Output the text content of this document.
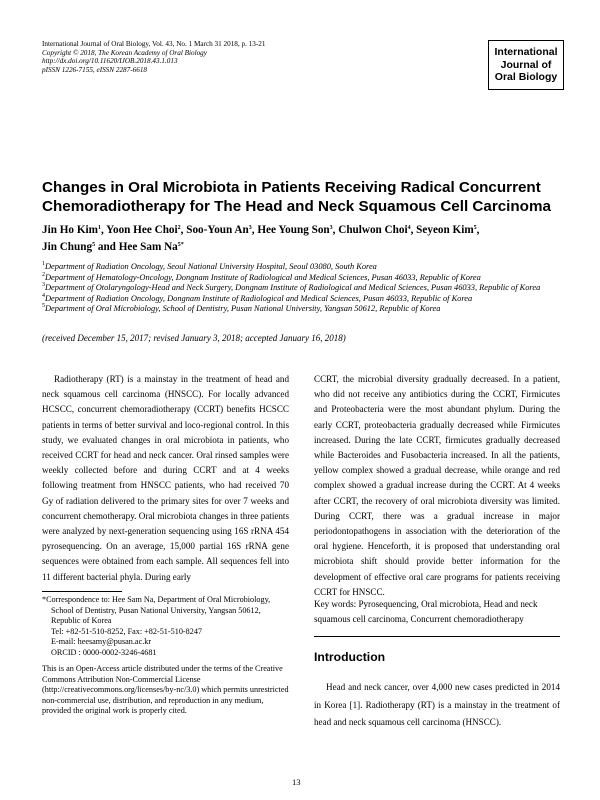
International Journal of Oral Biology, Vol. 43, No. 1 March 31 2018, p. 13-21
Copyright © 2018, The Korean Academy of Oral Biology
http://dx.doi.org/10.11620/IJOB.2018.43.1.013
pISSN 1226-7155, eISSN 2287-6618
International
Journal of
Oral Biology
Changes in Oral Microbiota in Patients Receiving Radical Concurrent Chemoradiotherapy for The Head and Neck Squamous Cell Carcinoma
Jin Ho Kim$^1$, Yoon Hee Choi$^2$, Soo-Youn An$^3$, Hee Young Son$^3$, Chulwon Choi$^4$, Seyeon Kim$^5$,
Jin Chung$^5$ and Hee Sam $Na^{5*}$

$^1$Department of Radiation Oncology, Seoul National University Hospital, Seoul 03080, South Korea

$^2$Department of Hematology-Oncology, Dongnam Institute of Radiological and Medical Sciences, Pusan 46033, Republic of Korea

$^3$Department of Otolaryngology-Head and Neck Surgery, Dongnam Institute of Radiological and Medical Sciences, Pusan 46033, Republic of Korea

$^4$Department of Radiation Oncology, Dongnam Institute of Radiological and Medical Sciences, Pusan 46033, Republic of Korea

$^5$Department of Oral Microbiology, School of Dentistry, Pusan National University, Yangsan 50612, Republic of Korea

(received December 15, 2017; revised January 3, 2018; accepted January 16, 2018)

Radiotherapy (RT) is a mainstay in the treatment of head and neck squamous cell carcinoma (HNSCC). For locally advanced HCSCC, concurrent chemoradiotherapy (CCRT) benefits HCSCC patients in terms of better survival and loco-regional control. In this study, we evaluated changes in oral microbiota in patients, who received CCRT for head and neck cancer. Oral rinsed samples were weekly collected before and during CCRT and at 4 weeks following treatment from HNSCC patients, who had received 70 Gy of radiation delivered to the primary sites for over 7 weeks and concurrent chemotherapy. Oral microbiota changes in three patients were analyzed by next-generation sequencing using 16S rRNA 454 pyrosequencing. On an average, 15,000 partial 16S rRNA gene sequences were obtained from each sample. All sequences fell into 11 different bacterial phyla. During early

CCRT, the microbial diversity gradually decreased. In a patient, who did not receive any antibiotics during the CCRT, Firmicutes and Proteobacteria were the most abundant phylum. During the early CCRT, proteobacteria gradually decreased while Firmicutes increased. During the late CCRT, firmicutes gradually decreased while Bacteroides and Fusobacteria increased. In all the patients, yellow complex showed a gradual decrease, while orange and red complex showed a gradual increase during the CCRT. At 4 weeks after CCRT, the recovery of oral microbiota diversity was limited. During CCRT, there was a gradual increase in major periodontopathogens in association with the deterioration of the oral hygiene. Henceforth, it is proposed that understanding oral microbiota shift should provide better information for the development of effective oral care programs for patients receiving CCRT for HNSCC.

Key words: Pyrosequencing, Oral microbiota, Head and neck squamous cell carcinoma, Concurrent chemoradiotherapy
*Correspondence to: Hee Sam Na, Department of Oral Microbiology,
School of Dentistry, Pusan National University, Yangsan 50612,
Republic of Korea
Tel: +82-51-510-8252, Fax: +82-51-510-8247
E-mail: heesamy@pusan.ac.kr
ORCID : 0000-0002-3246-4681
This is an Open-Access article distributed under the terms of the Creative Commons Attribution Non-Commercial License (http://creativecommons.org/licenses/by-nc/3.0) which permits unrestricted non-commercial use, distribution, and reproduction in any medium, provided the original work is properly cited.
Introduction
Head and neck cancer, over 4,000 new cases predicted in 2014 in Korea [1]. Radiotherapy (RT) is a mainstay in the treatment of head and neck squamous cell carcinoma (HNSCC).
13
